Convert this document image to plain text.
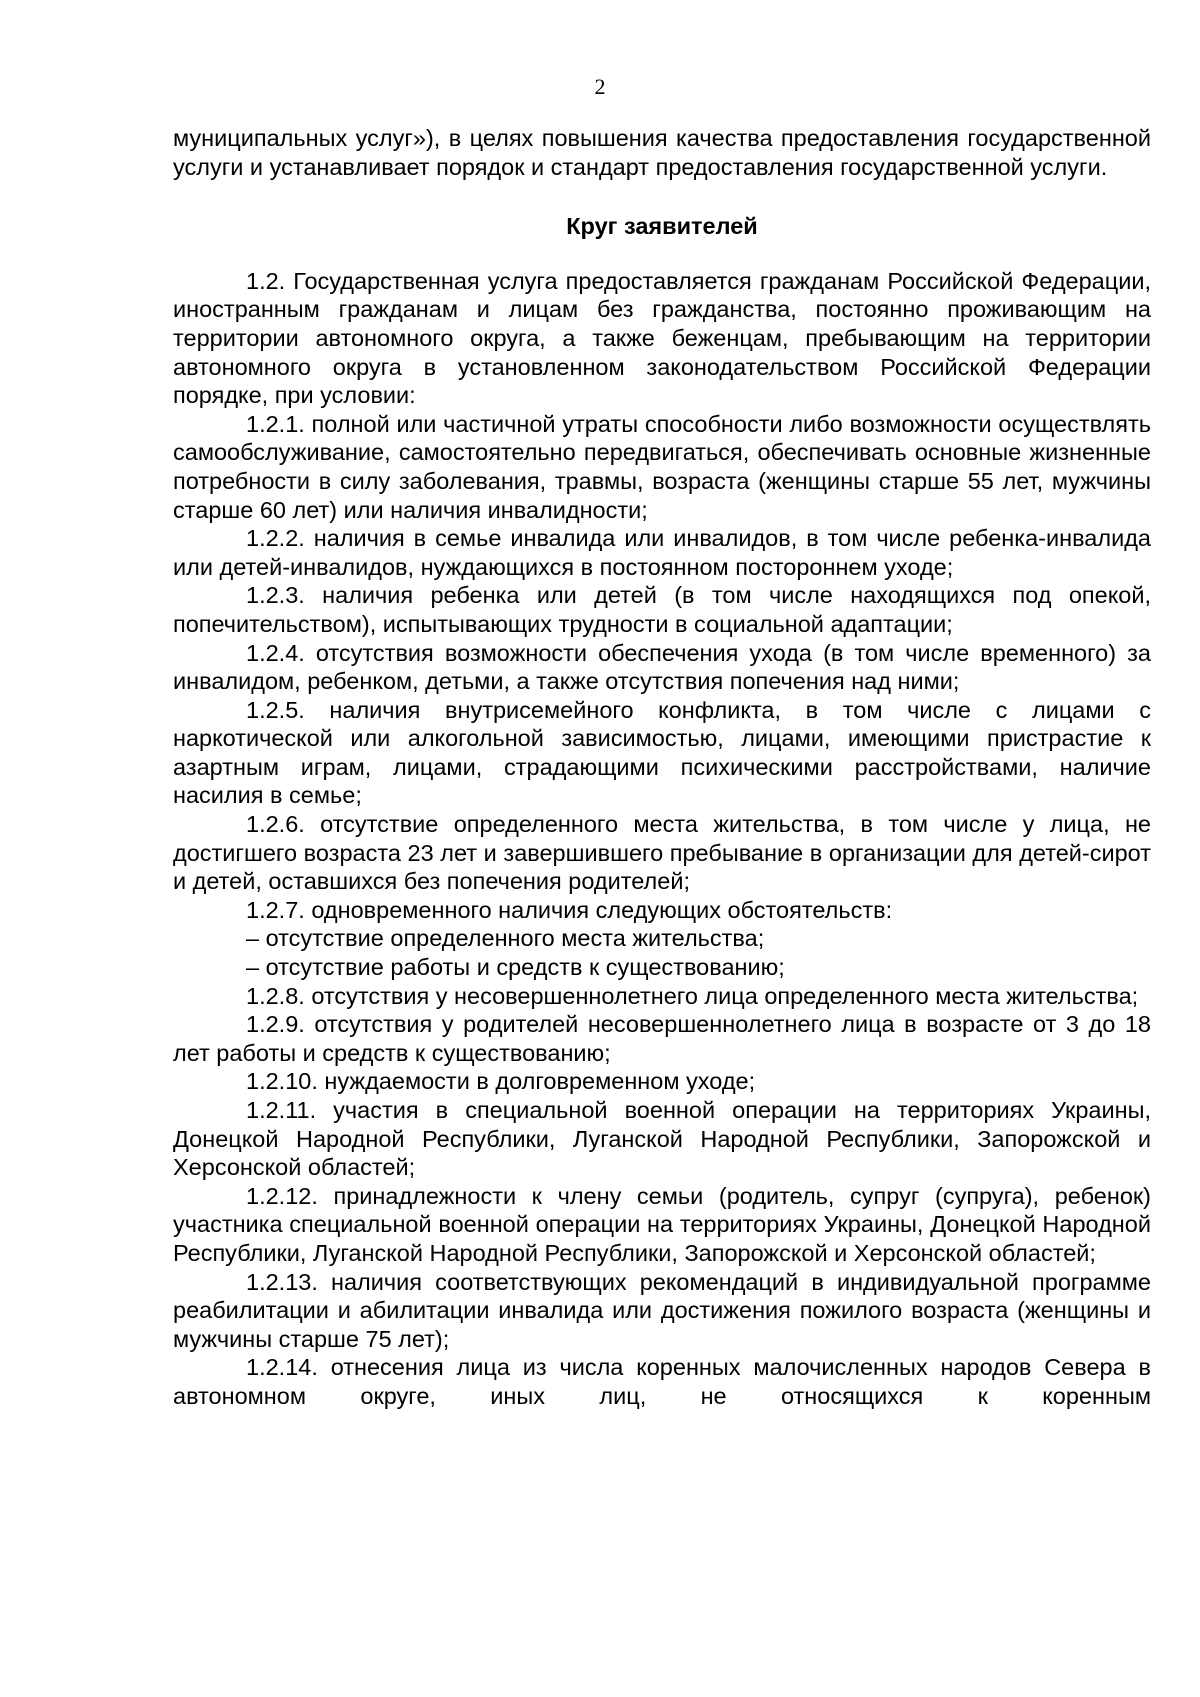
2

муниципальных услуг»), в целях повышения качества предоставления государственной услуги и устанавливает порядок и стандарт предоставления государственной услуги.

Круг заявителей

1.2. Государственная услуга предоставляется гражданам Российской Федерации, иностранным гражданам и лицам без гражданства, постоянно проживающим на территории автономного округа, а также беженцам, пребывающим на территории автономного округа в установленном законодательством Российской Федерации порядке, при условии:

1.2.1. полной или частичной утраты способности либо возможности осуществлять самообслуживание, самостоятельно передвигаться, обеспечивать основные жизненные потребности в силу заболевания, травмы, возраста (женщины старше 55 лет, мужчины старше 60 лет) или наличия инвалидности;

1.2.2. наличия в семье инвалида или инвалидов, в том числе ребенка-инвалида или детей-инвалидов, нуждающихся в постоянном постороннем уходе;

1.2.3. наличия ребенка или детей (в том числе находящихся под опекой, попечительством), испытывающих трудности в социальной адаптации;

1.2.4. отсутствия возможности обеспечения ухода (в том числе временного) за инвалидом, ребенком, детьми, а также отсутствия попечения над ними;

1.2.5. наличия внутрисемейного конфликта, в том числе с лицами с наркотической или алкогольной зависимостью, лицами, имеющими пристрастие к азартным играм, лицами, страдающими психическими расстройствами, наличие насилия в семье;

1.2.6. отсутствие определенного места жительства, в том числе у лица, не достигшего возраста 23 лет и завершившего пребывание в организации для детей-сирот и детей, оставшихся без попечения родителей;

1.2.7. одновременного наличия следующих обстоятельств:

– отсутствие определенного места жительства;

– отсутствие работы и средств к существованию;

1.2.8. отсутствия у несовершеннолетнего лица определенного места жительства;

1.2.9. отсутствия у родителей несовершеннолетнего лица в возрасте от 3 до 18 лет работы и средств к существованию;

1.2.10. нуждаемости в долговременном уходе;

1.2.11. участия в специальной военной операции на территориях Украины, Донецкой Народной Республики, Луганской Народной Республики, Запорожской и Херсонской областей;

1.2.12. принадлежности к члену семьи (родитель, супруг (супруга), ребенок) участника специальной военной операции на территориях Украины, Донецкой Народной Республики, Луганской Народной Республики, Запорожской и Херсонской областей;

1.2.13. наличия соответствующих рекомендаций в индивидуальной программе реабилитации и абилитации инвалида или достижения пожилого возраста (женщины и мужчины старше 75 лет);

1.2.14. отнесения лица из числа коренных малочисленных народов Севера в автономном округе, иных лиц, не относящихся к коренным
